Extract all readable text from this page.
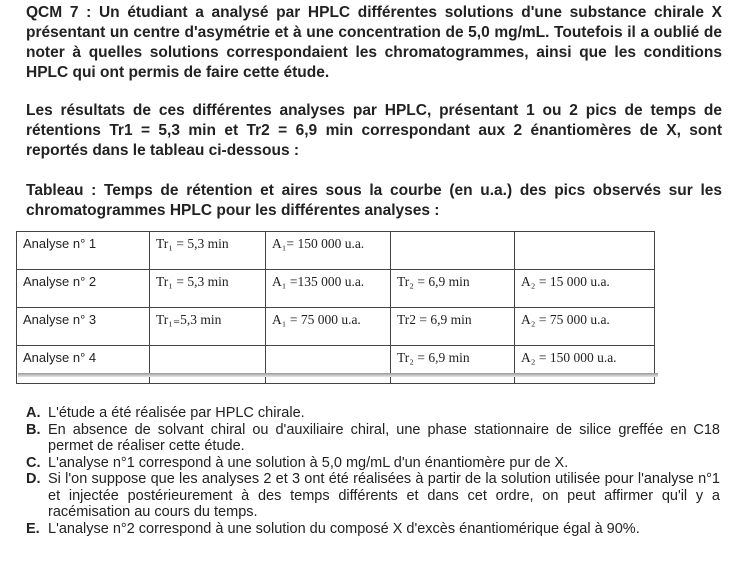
QCM 7 : Un étudiant a analysé par HPLC différentes solutions d'une substance chirale X présentant un centre d'asymétrie et à une concentration de 5,0 mg/mL. Toutefois il a oublié de noter à quelles solutions correspondaient les chromatogrammes, ainsi que les conditions HPLC qui ont permis de faire cette étude.

Les résultats de ces différentes analyses par HPLC, présentant 1 ou 2 pics de temps de rétentions Tr1 = 5,3 min et Tr2 = 6,9 min correspondant aux 2 énantiomères de X, sont reportés dans le tableau ci-dessous :

Tableau : Temps de rétention et aires sous la courbe (en u.a.) des pics observés sur les chromatogrammes HPLC pour les différentes analyses :

Analyse n° 1	Tr₁ = 5,3 min	A₁= 150 000 u.a.		
Analyse n° 2	Tr₁ = 5,3 min	A₁ =135 000 u.a.	Tr₂ = 6,9 min	A₂ = 15 000 u.a.
Analyse n° 3	Tr₁₌5,3 min	A₁ = 75 000 u.a.	Tr2 = 6,9 min	A₂ = 75 000 u.a.
Analyse n° 4			Tr₂ = 6,9 min	A₂ = 150 000 u.a.
A. L'étude a été réalisée par HPLC chirale.
B. En absence de solvant chiral ou d'auxiliaire chiral, une phase stationnaire de silice greffée en C18 permet de réaliser cette étude.
C. L'analyse n°1 correspond à une solution à 5,0 mg/mL d'un énantiomère pur de X.
D. Si l'on suppose que les analyses 2 et 3 ont été réalisées à partir de la solution utilisée pour l'analyse n°1 et injectée postérieurement à des temps différents et dans cet ordre, on peut affirmer qu'il y a racémisation au cours du temps.
E. L'analyse n°2 correspond à une solution du composé X d'excès énantiomérique égal à 90%.
